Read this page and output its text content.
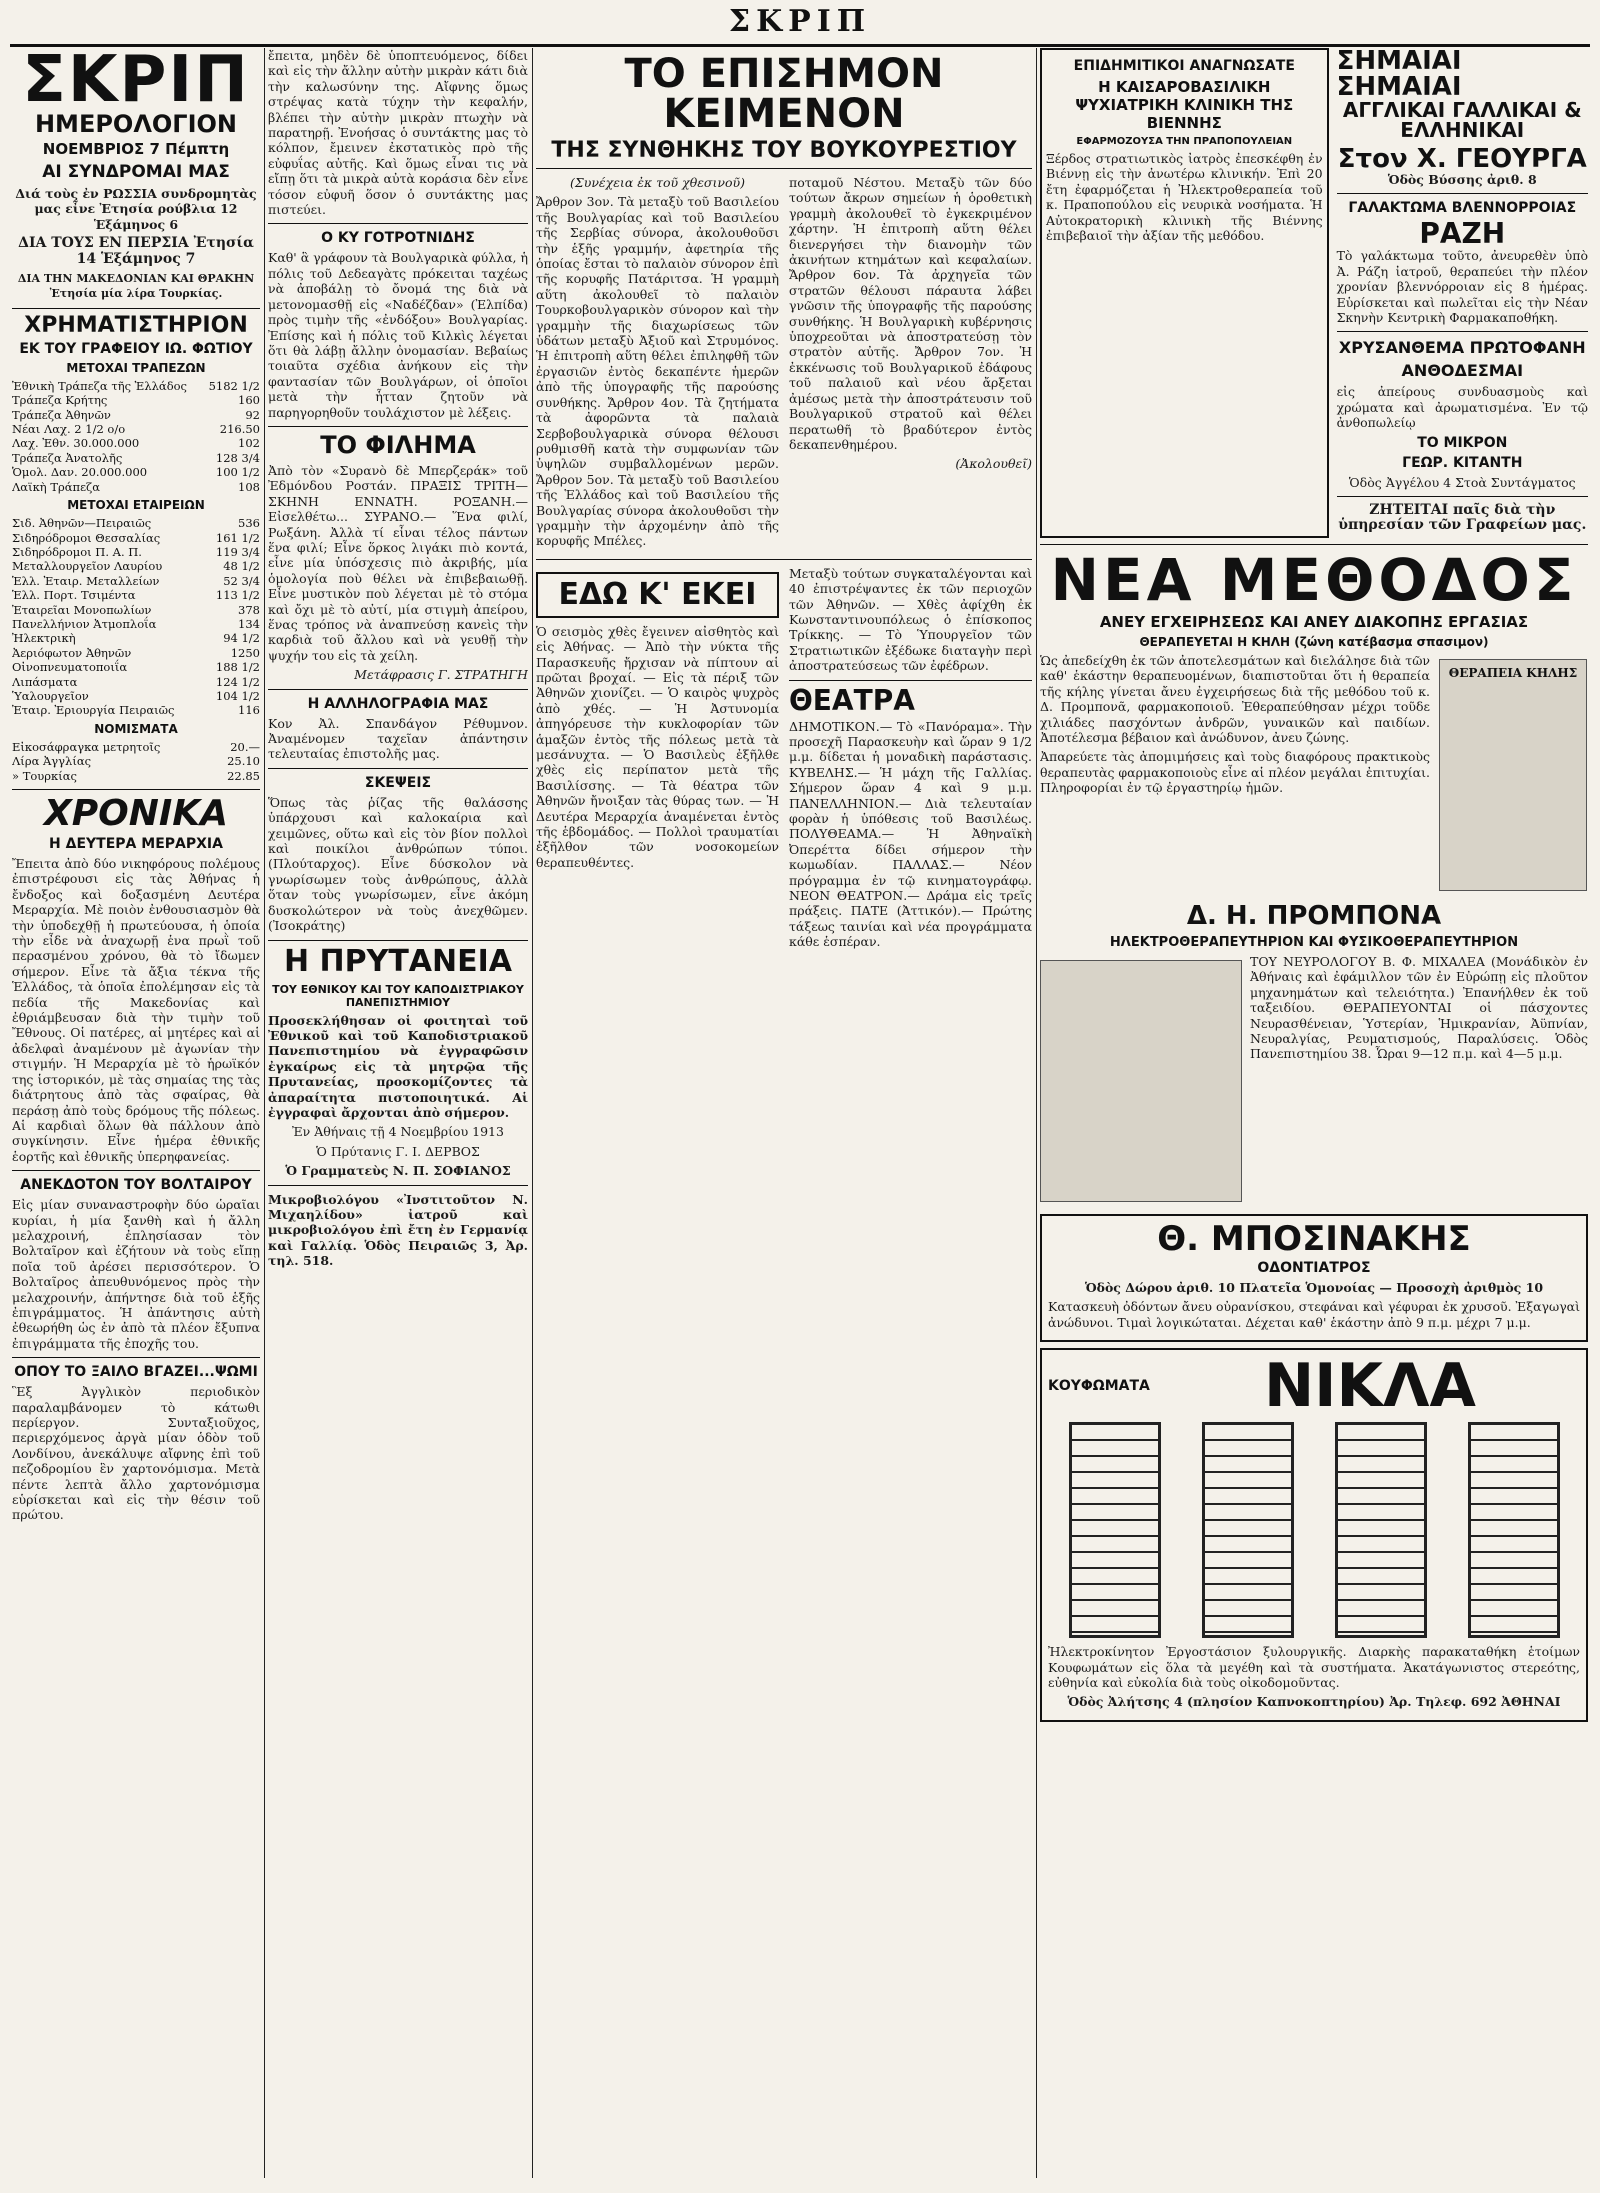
ΣΚΡΙΠ
ΣΚΡΙΠ
ΗΜΕΡΟΛΟΓΙΟΝ
ΝΟΕΜΒΡΙΟΣ 7 Πέμπτη
ΑΙ ΣΥΝΔΡΟΜΑΙ ΜΑΣ

Διά τοὺς ἐν ΡΩΣΣΙΑ συνδρομητὰς μας εἶνε Ἐτησία ρούβλια 12 Ἑξάμηνος 6

ΔΙΑ ΤΟΥΣ ΕΝ ΠΕΡΣΙΑ Ἐτησία 14 Ἑξάμηνος 7

ΔΙΑ ΤΗΝ ΜΑΚΕΔΟΝΙΑΝ ΚΑΙ ΘΡΑΚΗΝ Ἐτησία μία λίρα Τουρκίας.

ΧΡΗΜΑΤΙΣΤΗΡΙΟΝ
ΕΚ ΤΟΥ ΓΡΑΦΕΙΟΥ ΙΩ. ΦΩΤΙΟΥ
ΜΕΤΟΧΑΙ ΤΡΑΠΕΖΩΝ
Ἐθνικὴ Τράπεζα τῆς Ἑλλάδος	5182 1/2
Τράπεζα Κρήτης	160
Τράπεζα Ἀθηνῶν	92
Νέαι Λαχ. 2 1/2 ο/ο	216.50
Λαχ. Ἐθν. 30.000.000	102
Τράπεζα Ἀνατολῆς	128 3/4
Ὁμολ. Δαν. 20.000.000	100 1/2
Λαϊκὴ Τράπεζα	108
ΜΕΤΟΧΑΙ ΕΤΑΙΡΕΙΩΝ
Σιδ. Ἀθηνῶν—Πειραιῶς	536
Σιδηρόδρομοι Θεσσαλίας	161 1/2
Σιδηρόδρομοι Π. Α. Π.	119 3/4
Μεταλλουργεῖον Λαυρίου	48 1/2
Ἑλλ. Ἐταιρ. Μεταλλείων	52 3/4
Ἑλλ. Πορτ. Τσιμέντα	113 1/2
Ἐταιρεῖαι Μονοπωλίων	378
Πανελλήνιον Ἀτμοπλοΐα	134
Ἠλεκτρικὴ	94 1/2
Ἀεριόφωτον Ἀθηνῶν	1250
Οἰνοπνευματοποιΐα	188 1/2
Λιπάσματα	124 1/2
Ὑαλουργεῖον	104 1/2
Ἐταιρ. Ἐριουργία Πειραιῶς	116
ΝΟΜΙΣΜΑΤΑ
Εἰκοσάφραγκα μετρητοῖς	20.—
Λίρα Ἀγγλίας	25.10
» Τουρκίας	22.85
ΧΡΟΝΙΚΑ
Η ΔΕΥΤΕΡΑ ΜΕΡΑΡΧΙΑ

Ἔπειτα ἀπὸ δύο νικηφόρους πολέμους ἐπιστρέφουσι εἰς τὰς Ἀθήνας ἡ ἔνδοξος καὶ δοξασμένη Δευτέρα Μεραρχία. Μὲ ποιὸν ἐνθουσιασμὸν θὰ τὴν ὑποδεχθῇ ἡ πρωτεύουσα, ἡ ὁποία τὴν εἶδε νὰ ἀναχωρῇ ἑνα πρωῒ τοῦ περασμένου χρόνου, θὰ τὸ ἴδωμεν σήμερον. Εἶνε τὰ ἄξια τέκνα τῆς Ἑλλάδος, τὰ ὁποῖα ἐπολέμησαν εἰς τὰ πεδία τῆς Μακεδονίας καὶ ἐθριάμβευσαν διὰ τὴν τιμὴν τοῦ Ἔθνους. Οἱ πατέρες, αἱ μητέρες καὶ αἱ ἀδελφαὶ ἀναμένουν μὲ ἀγωνίαν τὴν στιγμήν. Ἡ Μεραρχία μὲ τὸ ἡρωϊκόν της ἱστορικόν, μὲ τὰς σημαίας της τὰς διάτρητους ἀπὸ τὰς σφαίρας, θὰ περάσῃ ἀπὸ τοὺς δρόμους τῆς πόλεως. Αἱ καρδιαὶ ὅλων θὰ πάλλουν ἀπὸ συγκίνησιν. Εἶνε ἡμέρα ἐθνικῆς ἑορτῆς καὶ ἐθνικῆς ὑπερηφανείας.

ΑΝΕΚΔΟΤΟΝ ΤΟΥ ΒΟΛΤΑΙΡΟΥ

Εἰς μίαν συναναστροφὴν δύο ὡραῖαι κυρίαι, ἡ μία ξανθὴ καὶ ἡ ἄλλη μελαχροινή, ἐπλησίασαν τὸν Βολταῖρον καὶ ἐζήτουν νὰ τοὺς εἴπῃ ποῖα τοῦ ἀρέσει περισσότερον. Ὁ Βολταῖρος ἀπευθυνόμενος πρὸς τὴν μελαχροινήν, ἀπήντησε διὰ τοῦ ἑξῆς ἐπιγράμματος. Ἡ ἀπάντησις αὐτὴ ἐθεωρήθη ὡς ἐν ἀπὸ τὰ πλέον ἔξυπνα ἐπιγράμματα τῆς ἐποχῆς του.

ΟΠΟΥ ΤΟ ΞΑΙΛΟ ΒΓΑΖΕΙ...ΨΩΜΙ

Ἓξ Ἀγγλικὸν περιοδικὸν παραλαμβάνομεν τὸ κάτωθι περίεργον. Συνταξιοῦχος, περιερχόμενος ἀργὰ μίαν ὁδὸν τοῦ Λονδίνου, ἀνεκάλυψε αἴφνης ἐπὶ τοῦ πεζοδρομίου ἓν χαρτονόμισμα. Μετὰ πέντε λεπτὰ ἄλλο χαρτονόμισμα εὑρίσκεται καὶ εἰς τὴν θέσιν τοῦ πρώτου.

ἔπειτα, μηδὲν δὲ ὑποπτευόμενος, δίδει καὶ εἰς τὴν ἄλλην αὐτὴν μικρὰν κάτι διὰ τὴν καλωσύνην της. Αἴφνης ὅμως στρέψας κατὰ τύχην τὴν κεφαλήν, βλέπει τὴν αὐτὴν μικρὰν πτωχὴν νὰ παρατηρῇ. Ἐνοήσας ὁ συντάκτης μας τὸ κόλπον, ἔμεινεν ἐκστατικὸς πρὸ τῆς εὐφυΐας αὐτῆς. Καὶ ὅμως εἶναι τις νὰ εἴπῃ ὅτι τὰ μικρὰ αὐτὰ κοράσια δὲν εἶνε τόσον εὐφυῆ ὅσον ὁ συντάκτης μας πιστεύει.

Ο ΚΥ ΓΟΤΡΟΤΝΙΔΗΣ

Καθ' ἃ γράφουν τὰ Βουλγαρικὰ φύλλα, ἡ πόλις τοῦ Δεδεαγὰτς πρόκειται ταχέως νὰ ἀποβάλῃ τὸ ὄνομά της διὰ νὰ μετονομασθῇ εἰς «Ναδέζδαν» (Ἐλπίδα) πρὸς τιμὴν τῆς «ἐνδόξου» Βουλγαρίας. Ἐπίσης καὶ ἡ πόλις τοῦ Κιλκὶς λέγεται ὅτι θὰ λάβῃ ἄλλην ὀνομασίαν. Βεβαίως τοιαῦτα σχέδια ἀνήκουν εἰς τὴν φαντασίαν τῶν Βουλγάρων, οἱ ὁποῖοι μετὰ τὴν ἧτταν ζητοῦν νὰ παρηγορηθοῦν τουλάχιστον μὲ λέξεις.

ΤΟ ΦΙΛΗΜΑ

Ἀπὸ τὸν «Συρανὸ δὲ Μπερζεράκ» τοῦ Ἐδμόνδου Ροστάν. ΠΡΑΞΙΣ ΤΡΙΤΗ—ΣΚΗΝΗ ΕΝΝΑΤΗ. ΡΟΞΑΝΗ.— Εἰσελθέτω... ΣΥΡΑΝΟ.— Ἕνα φιλί, Ρωξάνη. Ἀλλὰ τί εἶναι τέλος πάντων ἕνα φιλί; Εἶνε ὅρκος λιγάκι πιὸ κοντά, εἶνε μία ὑπόσχεσις πιὸ ἀκριβής, μία ὁμολογία ποὺ θέλει νὰ ἐπιβεβαιωθῇ. Εἶνε μυστικὸν ποὺ λέγεται μὲ τὸ στόμα καὶ ὄχι μὲ τὸ αὐτί, μία στιγμὴ ἀπείρου, ἕνας τρόπος νὰ ἀναπνεύσῃ κανεὶς τὴν καρδιὰ τοῦ ἄλλου καὶ νὰ γευθῇ τὴν ψυχήν του εἰς τὰ χείλη.

Μετάφρασις Γ. ΣΤΡΑΤΗΓΗ

Η ΑΛΛΗΛΟΓΡΑΦΙΑ ΜΑΣ

Κον Ἀλ. Σπανδάγον Ρέθυμνον. Ἀναμένομεν ταχεῖαν ἀπάντησιν τελευταίας ἐπιστολῆς μας.

ΣΚΕΨΕΙΣ

Ὅπως τὰς ῥίζας τῆς θαλάσσης ὑπάρχουσι καὶ καλοκαίρια καὶ χειμῶνες, οὕτω καὶ εἰς τὸν βίον πολλοὶ καὶ ποικίλοι ἀνθρώπων τύποι. (Πλούταρχος). Εἶνε δύσκολον νὰ γνωρίσωμεν τοὺς ἀνθρώπους, ἀλλὰ ὅταν τοὺς γνωρίσωμεν, εἶνε ἀκόμη δυσκολώτερον νὰ τοὺς ἀνεχθῶμεν. (Ἰσοκράτης)

Η ΠΡΥΤΑΝΕΙΑ
ΤΟΥ ΕΘΝΙΚΟΥ ΚΑΙ ΤΟΥ ΚΑΠΟΔΙΣΤΡΙΑΚΟΥ ΠΑΝΕΠΙΣΤΗΜΙΟΥ

Προσεκλήθησαν οἱ φοιτηταὶ τοῦ Ἐθνικοῦ καὶ τοῦ Καποδιστριακοῦ Πανεπιστημίου νὰ ἐγγραφῶσιν ἐγκαίρως εἰς τὰ μητρῷα τῆς Πρυτανείας, προσκομίζοντες τὰ ἀπαραίτητα πιστοποιητικά. Αἱ ἐγγραφαὶ ἄρχονται ἀπὸ σήμερον.

Ἐν Ἀθήναις τῇ 4 Νοεμβρίου 1913

Ὁ Πρύτανις Γ. Ι. ΔΕΡΒΟΣ

Ὁ Γραμματεὺς Ν. Π. ΣΟΦΙΑΝΟΣ

Μικροβιολόγου «Ἰνστιτοῦτον Ν. Μιχαηλίδου» ἰατροῦ καὶ μικροβιολόγου ἐπὶ ἔτη ἐν Γερμανίᾳ καὶ Γαλλίᾳ. Ὁδὸς Πειραιῶς 3, Ἀρ. τηλ. 518.

ΤΟ ΕΠΙΣΗΜΟΝ ΚΕΙΜΕΝΟΝ
ΤΗΣ ΣΥΝΘΗΚΗΣ ΤΟΥ ΒΟΥΚΟΥΡΕΣΤΙΟΥ

(Συνέχεια ἐκ τοῦ χθεσινοῦ)

Ἄρθρον 3ον. Τὰ μεταξὺ τοῦ Βασιλείου τῆς Βουλγαρίας καὶ τοῦ Βασιλείου τῆς Σερβίας σύνορα, ἀκολουθοῦσι τὴν ἑξῆς γραμμήν, ἀφετηρία τῆς ὁποίας ἔσται τὸ παλαιὸν σύνορον ἐπὶ τῆς κορυφῆς Πατάριτσα. Ἡ γραμμὴ αὕτη ἀκολουθεῖ τὸ παλαιὸν Τουρκοβουλγαρικὸν σύνορον καὶ τὴν γραμμὴν τῆς διαχωρίσεως τῶν ὑδάτων μεταξὺ Ἀξιοῦ καὶ Στρυμόνος. Ἡ ἐπιτροπὴ αὕτη θέλει ἐπιληφθῆ τῶν ἐργασιῶν ἐντὸς δεκαπέντε ἡμερῶν ἀπὸ τῆς ὑπογραφῆς τῆς παρούσης συνθήκης. Ἄρθρον 4ον. Τὰ ζητήματα τὰ ἀφορῶντα τὰ παλαιὰ Σερβοβουλγαρικὰ σύνορα θέλουσι ρυθμισθῆ κατὰ τὴν συμφωνίαν τῶν ὑψηλῶν συμβαλλομένων μερῶν. Ἄρθρον 5ον. Τὰ μεταξὺ τοῦ Βασιλείου τῆς Ἑλλάδος καὶ τοῦ Βασιλείου τῆς Βουλγαρίας σύνορα ἀκολουθοῦσι τὴν γραμμὴν τὴν ἀρχομένην ἀπὸ τῆς κορυφῆς Μπέλες.

ποταμοῦ Νέστου. Μεταξὺ τῶν δύο τούτων ἄκρων σημείων ἡ ὁροθετικὴ γραμμὴ ἀκολουθεῖ τὸ ἐγκεκριμένον χάρτην. Ἡ ἐπιτροπὴ αὕτη θέλει διενεργήσει τὴν διανομὴν τῶν ἀκινήτων κτημάτων καὶ κεφαλαίων. Ἄρθρον 6ον. Τὰ ἀρχηγεῖα τῶν στρατῶν θέλουσι πάραυτα λάβει γνῶσιν τῆς ὑπογραφῆς τῆς παρούσης συνθήκης. Ἡ Βουλγαρικὴ κυβέρνησις ὑποχρεοῦται νὰ ἀποστρατεύσῃ τὸν στρατὸν αὐτῆς. Ἄρθρον 7ον. Ἡ ἐκκένωσις τοῦ Βουλγαρικοῦ ἐδάφους τοῦ παλαιοῦ καὶ νέου ἄρξεται ἀμέσως μετὰ τὴν ἀποστράτευσιν τοῦ Βουλγαρικοῦ στρατοῦ καὶ θέλει περατωθῆ τὸ βραδύτερον ἐντὸς δεκαπενθημέρου.

(Ἀκολουθεῖ)

ΕΔΩ Κ' ΕΚΕΙ

Ὁ σεισμὸς χθὲς ἔγεινεν αἰσθητὸς καὶ εἰς Ἀθήνας. — Ἀπὸ τὴν νύκτα τῆς Παρασκευῆς ἤρχισαν νὰ πίπτουν αἱ πρῶται βροχαί. — Εἰς τὰ πέριξ τῶν Ἀθηνῶν χιονίζει. — Ὁ καιρὸς ψυχρὸς ἀπὸ χθές. — Ἡ Ἀστυνομία ἀπηγόρευσε τὴν κυκλοφορίαν τῶν ἁμαξῶν ἐντὸς τῆς πόλεως μετὰ τὰ μεσάνυχτα. — Ὁ Βασιλεὺς ἐξῆλθε χθὲς εἰς περίπατον μετὰ τῆς Βασιλίσσης. — Τὰ θέατρα τῶν Ἀθηνῶν ἤνοιξαν τὰς θύρας των. — Ἡ Δευτέρα Μεραρχία ἀναμένεται ἐντὸς τῆς ἑβδομάδος. — Πολλοὶ τραυματίαι ἐξῆλθον τῶν νοσοκομείων θεραπευθέντες.

Μεταξὺ τούτων συγκαταλέγονται καὶ 40 ἐπιστρέψαντες ἐκ τῶν περιοχῶν τῶν Ἀθηνῶν. — Χθὲς ἀφίχθη ἐκ Κωνσταντινουπόλεως ὁ ἐπίσκοπος Τρίκκης. — Τὸ Ὑπουργεῖον τῶν Στρατιωτικῶν ἐξέδωκε διαταγὴν περὶ ἀποστρατεύσεως τῶν ἐφέδρων.

ΘΕΑΤΡΑ

ΔΗΜΟΤΙΚΟΝ.— Τὸ «Πανόραμα». Τὴν προσεχῆ Παρασκευὴν καὶ ὥραν 9 1/2 μ.μ. δίδεται ἡ μοναδικὴ παράστασις. ΚΥΒΕΛΗΣ.— Ἡ μάχη τῆς Γαλλίας. Σήμερον ὥραν 4 καὶ 9 μ.μ. ΠΑΝΕΛΛΗΝΙΟΝ.— Διὰ τελευταίαν φορὰν ἡ ὑπόθεσις τοῦ Βασιλέως. ΠΟΛΥΘΕΑΜΑ.— Ἡ Ἀθηναϊκὴ Ὀπερέττα δίδει σήμερον τὴν κωμωδίαν. ΠΑΛΛΑΣ.— Νέον πρόγραμμα ἐν τῷ κινηματογράφῳ. ΝΕΟΝ ΘΕΑΤΡΟΝ.— Δράμα εἰς τρεῖς πράξεις. ΠΑΤΕ (Ἀττικόν).— Πρώτης τάξεως ταινίαι καὶ νέα προγράμματα κάθε ἑσπέραν.

ΕΠΙΔΗΜΙΤΙΚΟΙ ΑΝΑΓΝΩΣΑΤΕ
Η ΚΑΙΣΑΡΟΒΑΣΙΛΙΚΗ ΨΥΧΙΑΤΡΙΚΗ ΚΛΙΝΙΚΗ ΤΗΣ ΒΙΕΝΝΗΣ
ΕΦΑΡΜΟΖΟΥΣΑ ΤΗΝ ΠΡΑΠΟΠΟΥΛΕΙΑΝ

Ξέρδος στρατιωτικὸς ἰατρὸς ἐπεσκέφθη ἐν Βιέννῃ εἰς τὴν ἀνωτέρω κλινικήν. Ἐπὶ 20 ἔτη ἐφαρμόζεται ἡ Ἠλεκτροθεραπεία τοῦ κ. Πραποπούλου εἰς νευρικὰ νοσήματα. Ἡ Αὐτοκρατορικὴ κλινικὴ τῆς Βιέννης ἐπιβεβαιοῖ τὴν ἀξίαν τῆς μεθόδου.

ΣΗΜΑΙΑΙ ΣΗΜΑΙΑΙ
ΑΓΓΛΙΚΑΙ ΓΑΛΛΙΚΑΙ & ΕΛΛΗΝΙΚΑΙ
Στον Χ. ΓΕΟΥΡΓΑ

Ὁδὸς Βύσσης ἀριθ. 8

ΓΑΛΑΚΤΩΜΑ ΒΛΕΝΝΟΡΡΟΙΑΣ
ΡΑΖΗ

Τὸ γαλάκτωμα τοῦτο, ἀνευρεθὲν ὑπὸ Ἀ. Ράζη ἰατροῦ, θεραπεύει τὴν πλέον χρονίαν βλεννόρροιαν εἰς 8 ἡμέρας. Εὑρίσκεται καὶ πωλεῖται εἰς τὴν Νέαν Σκηνὴν Κεντρικὴ Φαρμακαποθήκη.

ΧΡΥΣΑΝΘΕΜΑ ΠΡΩΤΟΦΑΝΗ
ΑΝΘΟΔΕΣΜΑΙ

εἰς ἀπείρους συνδυασμοὺς καὶ χρώματα καὶ ἀρωματισμένα. Ἐν τῷ ἀνθοπωλείῳ

ΤΟ ΜΙΚΡΟΝ
ΓΕΩΡ. ΚΙΤΑΝΤΗ

Ὁδὸς Ἀγγέλου 4 Στοὰ Συντάγματος

ΖΗΤΕΙΤΑΙ παῖς διὰ τὴν ὑπηρεσίαν τῶν Γραφείων μας.

ΝΕΑ ΜΕΘΟΔΟΣ
ΑΝΕΥ ΕΓΧΕΙΡΗΣΕΩΣ ΚΑΙ ΑΝΕΥ ΔΙΑΚΟΠΗΣ ΕΡΓΑΣΙΑΣ
ΘΕΡΑΠΕΥΕΤΑΙ Η ΚΗΛΗ (ζώνη κατέβασμα σπασιμον)

Ὡς ἀπεδείχθη ἐκ τῶν ἀποτελεσμάτων καὶ διελάλησε διὰ τῶν καθ' ἑκάστην θεραπευομένων, διαπιστοῦται ὅτι ἡ θεραπεία τῆς κήλης γίνεται ἄνευ ἐγχειρήσεως διὰ τῆς μεθόδου τοῦ κ. Δ. Προμπονᾶ, φαρμακοποιοῦ. Ἐθεραπεύθησαν μέχρι τοῦδε χιλιάδες πασχόντων ἀνδρῶν, γυναικῶν καὶ παιδίων. Ἀποτέλεσμα βέβαιον καὶ ἀνώδυνον, ἀνευ ζώνης.

Ἀπαρεύετε τὰς ἀπομιμήσεις καὶ τοὺς διαφόρους πρακτικοὺς θεραπευτὰς φαρμακοποιοὺς εἶνε αἱ πλέον μεγάλαι ἐπιτυχίαι. Πληροφορίαι ἐν τῷ ἐργαστηρίῳ ἡμῶν.

ΘΕΡΑΠΕΙΑ ΚΗΛΗΣ
Δ. Η. ΠΡΟΜΠΟΝΑ
ΗΛΕΚΤΡΟΘΕΡΑΠΕΥΤΗΡΙΟΝ ΚΑΙ ΦΥΣΙΚΟΘΕΡΑΠΕΥΤΗΡΙΟΝ

ΤΟΥ ΝΕΥΡΟΛΟΓΟΥ Β. Φ. ΜΙΧΑΛΕΑ (Μονάδικὸν ἐν Ἀθήναις καὶ ἐφάμιλλον τῶν ἐν Εὐρώπῃ εἰς πλοῦτον μηχανημάτων καὶ τελειότητα.) Ἐπανήλθεν ἐκ τοῦ ταξειδίου. ΘΕΡΑΠΕΥΟΝΤΑΙ οἱ πάσχοντες Νευρασθένειαν, Ὑστερίαν, Ἡμικρανίαν, Ἀϋπνίαν, Νευραλγίας, Ρευματισμούς, Παραλύσεις. Ὁδὸς Πανεπιστημίου 38. Ὧραι 9—12 π.μ. καὶ 4—5 μ.μ.

Θ. ΜΠΟΣΙΝΑΚΗΣ
ΟΔΟΝΤΙΑΤΡΟΣ

Ὁδὸς Δώρου ἀριθ. 10 Πλατεῖα Ὁμονοίας — Προσοχὴ ἀριθμὸς 10

Κατασκευὴ ὀδόντων ἄνευ οὐρανίσκου, στεφάναι καὶ γέφυραι ἐκ χρυσοῦ. Ἐξαγωγαὶ ἀνώδυνοι. Τιμαὶ λογικώταται. Δέχεται καθ' ἑκάστην ἀπὸ 9 π.μ. μέχρι 7 μ.μ.

ΚΟΥΦΩΜΑΤΑ	ΝΙΚΛΑ

Ἠλεκτροκίνητον Ἐργοστάσιον ξυλουργικῆς. Διαρκὴς παρακαταθήκη ἑτοίμων Κουφωμάτων εἰς ὅλα τὰ μεγέθη καὶ τὰ συστήματα. Ἀκατάγωνιστος στερεότης, εὐθηνία καὶ εὐκολία διὰ τοὺς οἰκοδομοῦντας.

Ὁδὸς Ἀλήτσης 4 (πλησίον Καπνοκοπτηρίου) Ἀρ. Τηλεφ. 692 ἈΘΗΝΑΙ
